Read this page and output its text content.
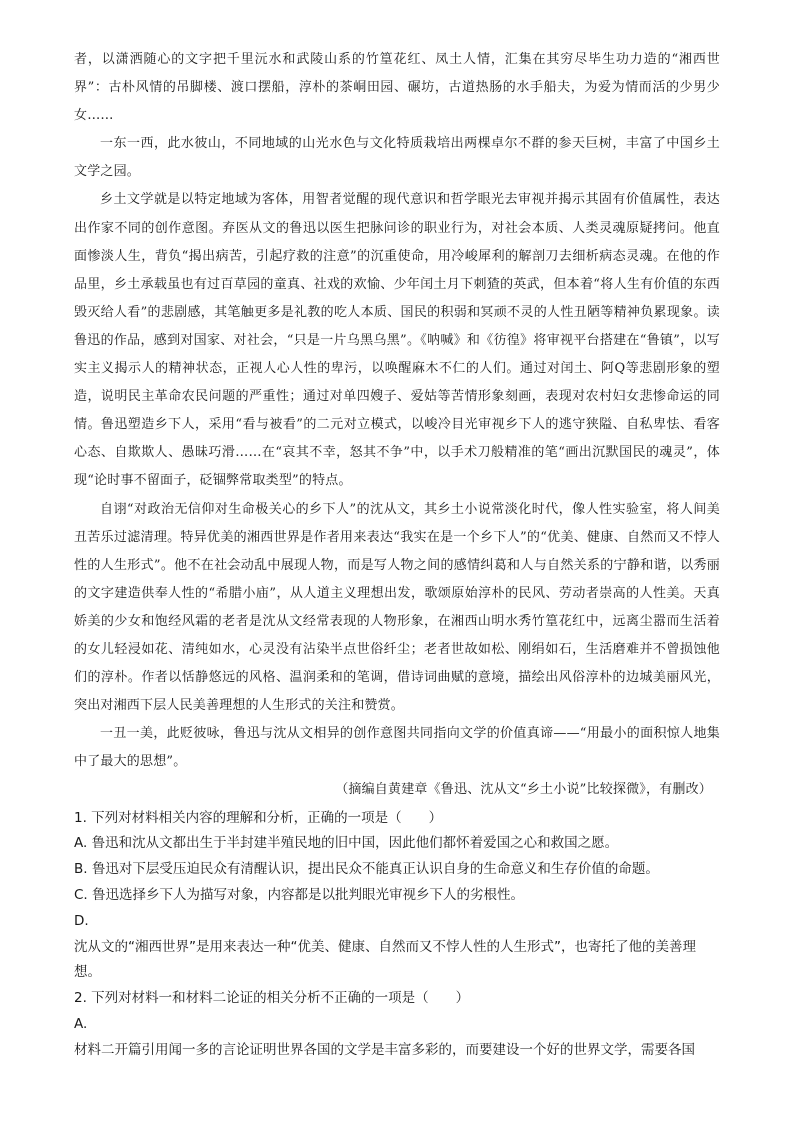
者，以潇洒随心的文字把千里沅水和武陵山系的竹篁花红、凤土人情，汇集在其穷尽毕生功力造的“湘西世界”：古朴风情的吊脚楼、渡口摆船，淳朴的茶峒田园、碾坊，古道热肠的水手船夫，为爱为情而活的少男少女……

一东一西，此水彼山，不同地域的山光水色与文化特质栽培出两棵卓尔不群的参天巨树，丰富了中国乡土文学之园。

乡土文学就是以特定地域为客体，用智者觉醒的现代意识和哲学眼光去审视并揭示其固有价值属性，表达出作家不同的创作意图。弃医从文的鲁迅以医生把脉问诊的职业行为，对社会本质、人类灵魂原疑拷问。他直面惨淡人生，背负“揭出病苦，引起疗救的注意”的沉重使命，用冷峻犀利的解剖刀去细析病态灵魂。在他的作品里，乡土承载虽也有过百草园的童真、社戏的欢愉、少年闰土月下刺猹的英武，但本着“将人生有价值的东西毁灭给人看”的悲剧感，其笔触更多是礼教的吃人本质、国民的积弱和冥顽不灵的人性丑陋等精神负累现象。读鲁迅的作品，感到对国家、对社会，“只是一片乌黑乌黑”。《呐喊》和《彷徨》将审视平台搭建在“鲁镇”，以写实主义揭示人的精神状态，正视人心人性的卑污，以唤醒麻木不仁的人们。通过对闰土、阿Q等悲剧形象的塑造，说明民主革命农民问题的严重性；通过对单四嫂子、爱姑等苦情形象刻画，表现对农村妇女悲惨命运的同情。鲁迅塑造乡下人，采用“看与被看”的二元对立模式，以峻冷目光审视乡下人的逃守狭隘、自私卑怯、看客心态、自欺欺人、愚昧巧滑……在“哀其不幸，怒其不争”中，以手术刀般精准的笔“画出沉默国民的魂灵”，体现“论时事不留面子，砭锢弊常取类型”的特点。

自诩“对政治无信仰对生命极关心的乡下人”的沈从文，其乡土小说常淡化时代，像人性实验室，将人间美丑苦乐过滤清理。特异优美的湘西世界是作者用来表达“我实在是一个乡下人”的“优美、健康、自然而又不悖人性的人生形式”。他不在社会动乱中展现人物，而是写人物之间的感情纠葛和人与自然关系的宁静和谐，以秀丽的文字建造供奉人性的“希腊小庙”，从人道主义理想出发，歌颂原始淳朴的民风、劳动者崇高的人性美。天真娇美的少女和饱经风霜的老者是沈从文经常表现的人物形象，在湘西山明水秀竹篁花红中，远离尘嚣而生活着的女儿轻浸如花、清纯如水，心灵没有沾染半点世俗纤尘；老者世故如松、刚绢如石，生活磨难并不曾损蚀他们的淳朴。作者以恬静悠远的风格、温润柔和的笔调，借诗词曲赋的意境，描绘出风俗淳朴的边城美丽风光，突出对湘西下层人民美善理想的人生形式的关注和赞赏。

一丑一美，此贬彼咏，鲁迅与沈从文相异的创作意图共同指向文学的价值真谛——“用最小的面积惊人地集中了最大的思想”。

（摘编自黄建章《鲁迅、沈从文“乡土小说”比较探微》，有删改）

1. 下列对材料相关内容的理解和分析，正确的一项是（　　）

A. 鲁迅和沈从文都出生于半封建半殖民地的旧中国，因此他们都怀着爱国之心和救国之愿。

B. 鲁迅对下层受压迫民众有清醒认识，提出民众不能真正认识自身的生命意义和生存价值的命题。

C. 鲁迅选择乡下人为描写对象，内容都是以批判眼光审视乡下人的劣根性。

D.

沈从文的“湘西世界”是用来表达一种“优美、健康、自然而又不悖人性的人生形式”，也寄托了他的美善理想。

2. 下列对材料一和材料二论证的相关分析不正确的一项是（　　）

A.

材料二开篇引用闻一多的言论证明世界各国的文学是丰富多彩的，而要建设一个好的世界文学，需要各国
